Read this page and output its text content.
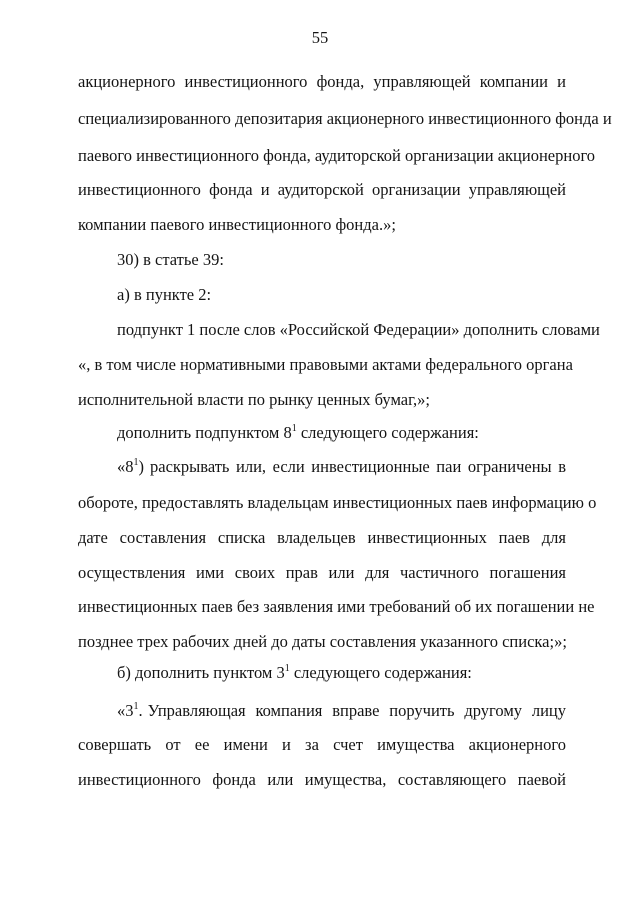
55
акционерного инвестиционного фонда, управляющей компании и
специализированного депозитария акционерного инвестиционного фонда и
паевого инвестиционного фонда, аудиторской организации акционерного
инвестиционного фонда и аудиторской организации управляющей
компании паевого инвестиционного фонда.»;
30) в статье 39:
а) в пункте 2:
подпункт 1 после слов «Российской Федерации» дополнить словами
«, в том числе нормативными правовыми актами федерального органа
исполнительной власти по рынку ценных бумаг,»;
дополнить подпунктом $8^1$ следующего содержания:
«$8^1$) раскрывать или, если инвестиционные паи ограничены в
обороте, предоставлять владельцам инвестиционных паев информацию о
дате составления списка владельцев инвестиционных паев для
осуществления ими своих прав или для частичного погашения
инвестиционных паев без заявления ими требований об их погашении не
позднее трех рабочих дней до даты составления указанного списка;»;
б) дополнить пунктом $3^1$ следующего содержания:
«$3^1$. Управляющая компания вправе поручить другому лицу
совершать от ее имени и за счет имущества акционерного
инвестиционного фонда или имущества, составляющего паевой
